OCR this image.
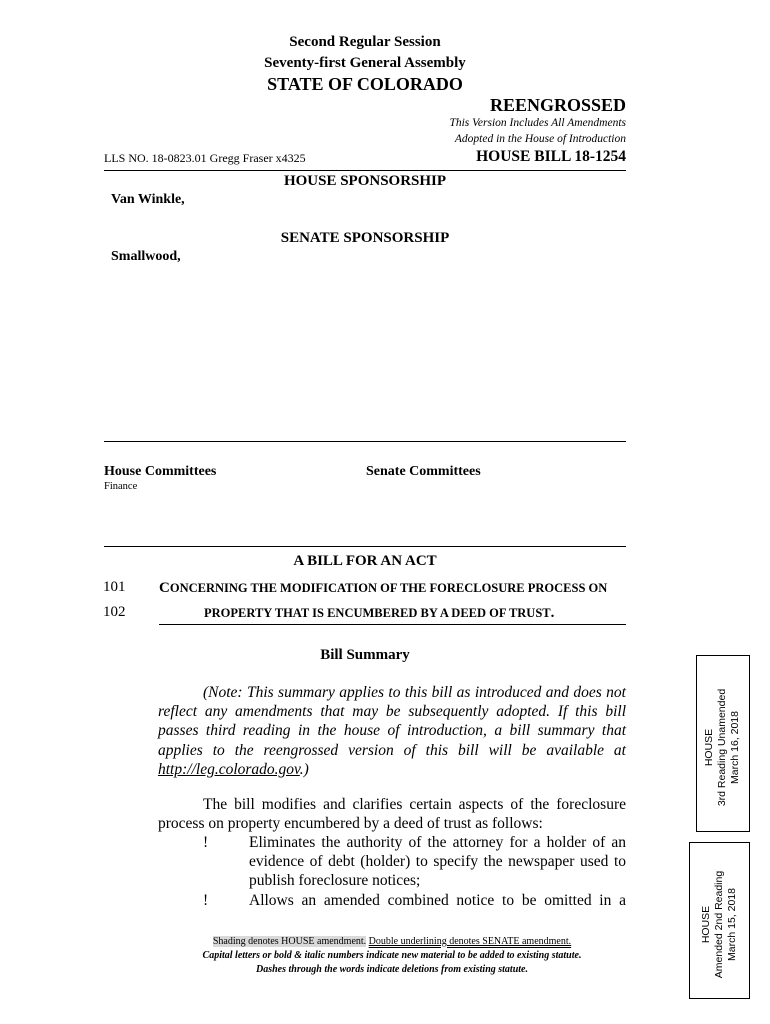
Second Regular Session
Seventy-first General Assembly
STATE OF COLORADO
REENGROSSED
This Version Includes All Amendments
Adopted in the House of Introduction
LLS NO. 18-0823.01 Gregg Fraser x4325	HOUSE BILL 18-1254
HOUSE SPONSORSHIP
Van Winkle,
SENATE SPONSORSHIP
Smallwood,
House Committees
Finance
Senate Committees
A BILL FOR AN ACT
101 CONCERNING THE MODIFICATION OF THE FORECLOSURE PROCESS ON
102	PROPERTY THAT IS ENCUMBERED BY A DEED OF TRUST.
Bill Summary
(Note: This summary applies to this bill as introduced and does not reflect any amendments that may be subsequently adopted. If this bill passes third reading in the house of introduction, a bill summary that applies to the reengrossed version of this bill will be available at http://leg.colorado.gov.)
The bill modifies and clarifies certain aspects of the foreclosure process on property encumbered by a deed of trust as follows:
!	Eliminates the authority of the attorney for a holder of an evidence of debt (holder) to specify the newspaper used to publish foreclosure notices;
!	Allows an amended combined notice to be omitted in a
HOUSE 3rd Reading Unamended March 16, 2018
HOUSE Amended 2nd Reading March 15, 2018
Shading denotes HOUSE amendment. Double underlining denotes SENATE amendment.
Capital letters or bold & italic numbers indicate new material to be added to existing statute.
Dashes through the words indicate deletions from existing statute.
